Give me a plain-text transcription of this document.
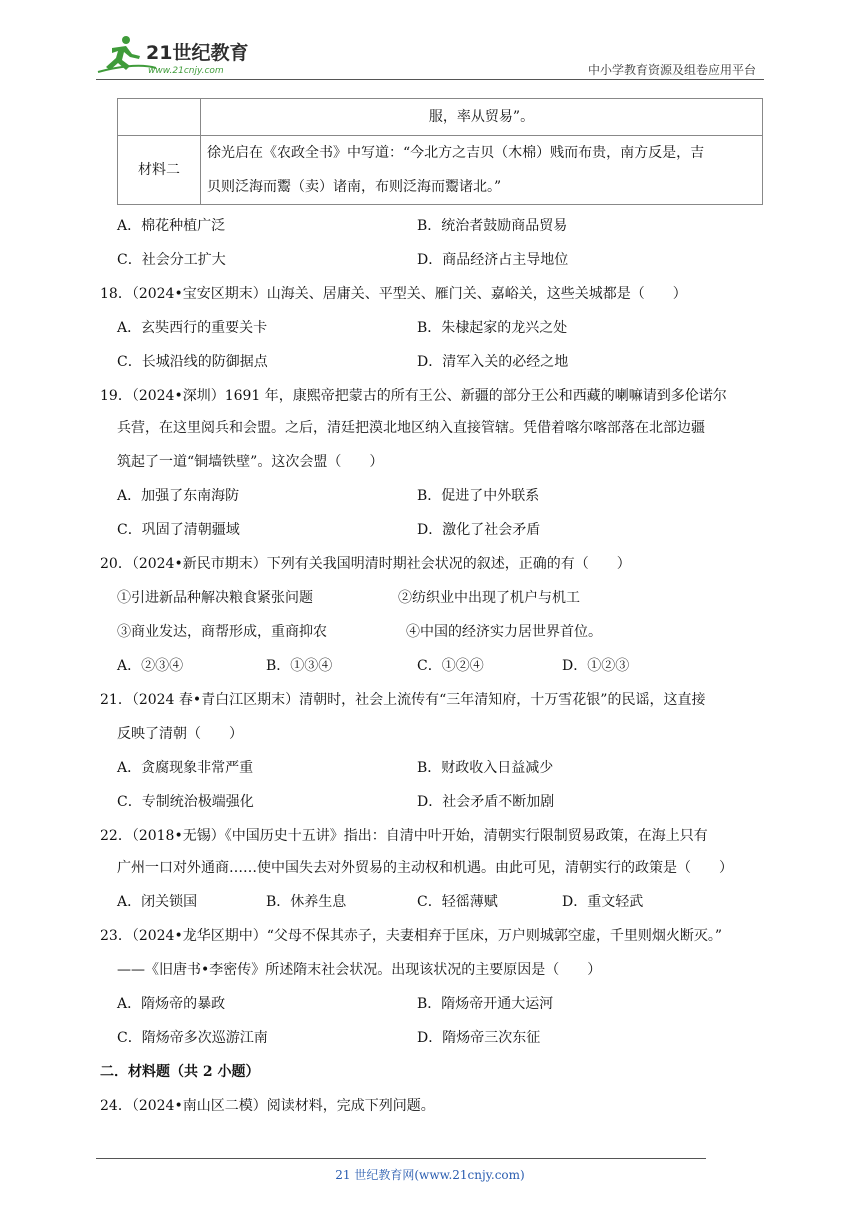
21世纪教育
www.21cnjy.com	中小学教育资源及组卷应用平台
	服，率从贸易”。
材料二	徐光启在《农政全书》中写道：“今北方之吉贝（木棉）贱而布贵，南方反是，吉
贝则泛海而鬻（卖）诸南，布则泛海而鬻诸北。”
A．棉花种植广泛	B．统治者鼓励商品贸易
C．社会分工扩大	D．商品经济占主导地位
18．（2024•宝安区期末）山海关、居庸关、平型关、雁门关、嘉峪关，这些关城都是（　　）
A．玄奘西行的重要关卡	B．朱棣起家的龙兴之处
C．长城沿线的防御据点	D．清军入关的必经之地
19．（2024•深圳）1691 年，康熙帝把蒙古的所有王公、新疆的部分王公和西藏的喇嘛请到多伦诺尔
兵营，在这里阅兵和会盟。之后，清廷把漠北地区纳入直接管辖。凭借着喀尔喀部落在北部边疆
筑起了一道“铜墙铁壁”。这次会盟（　　）
A．加强了东南海防	B．促进了中外联系
C．巩固了清朝疆域	D．激化了社会矛盾
20．（2024•新民市期末）下列有关我国明清时期社会状况的叙述，正确的有（　　）
①引进新品种解决粮食紧张问题	②纺织业中出现了机户与机工
③商业发达，商帮形成，重商抑农	④中国的经济实力居世界首位。
A．②③④	B．①③④	C．①②④	D．①②③
21．（2024 春•青白江区期末）清朝时，社会上流传有“三年清知府，十万雪花银”的民谣，这直接
反映了清朝（　　）
A．贪腐现象非常严重	B．财政收入日益减少
C．专制统治极端强化	D．社会矛盾不断加剧
22．（2018•无锡）《中国历史十五讲》指出：自清中叶开始，清朝实行限制贸易政策，在海上只有
广州一口对外通商……使中国失去对外贸易的主动权和机遇。由此可见，清朝实行的政策是（　　）
A．闭关锁国	B．休养生息	C．轻徭薄赋	D．重文轻武
23．（2024•龙华区期中）“父母不保其赤子，夫妻相弃于匡床，万户则城郭空虚，千里则烟火断灭。”
——《旧唐书•李密传》所述隋末社会状况。出现该状况的主要原因是（　　）
A．隋炀帝的暴政	B．隋炀帝开通大运河
C．隋炀帝多次巡游江南	D．隋炀帝三次东征
二．材料题（共 2 小题）
24．（2024•南山区二模）阅读材料，完成下列问题。
21 世纪教育网(www.21cnjy.com)
